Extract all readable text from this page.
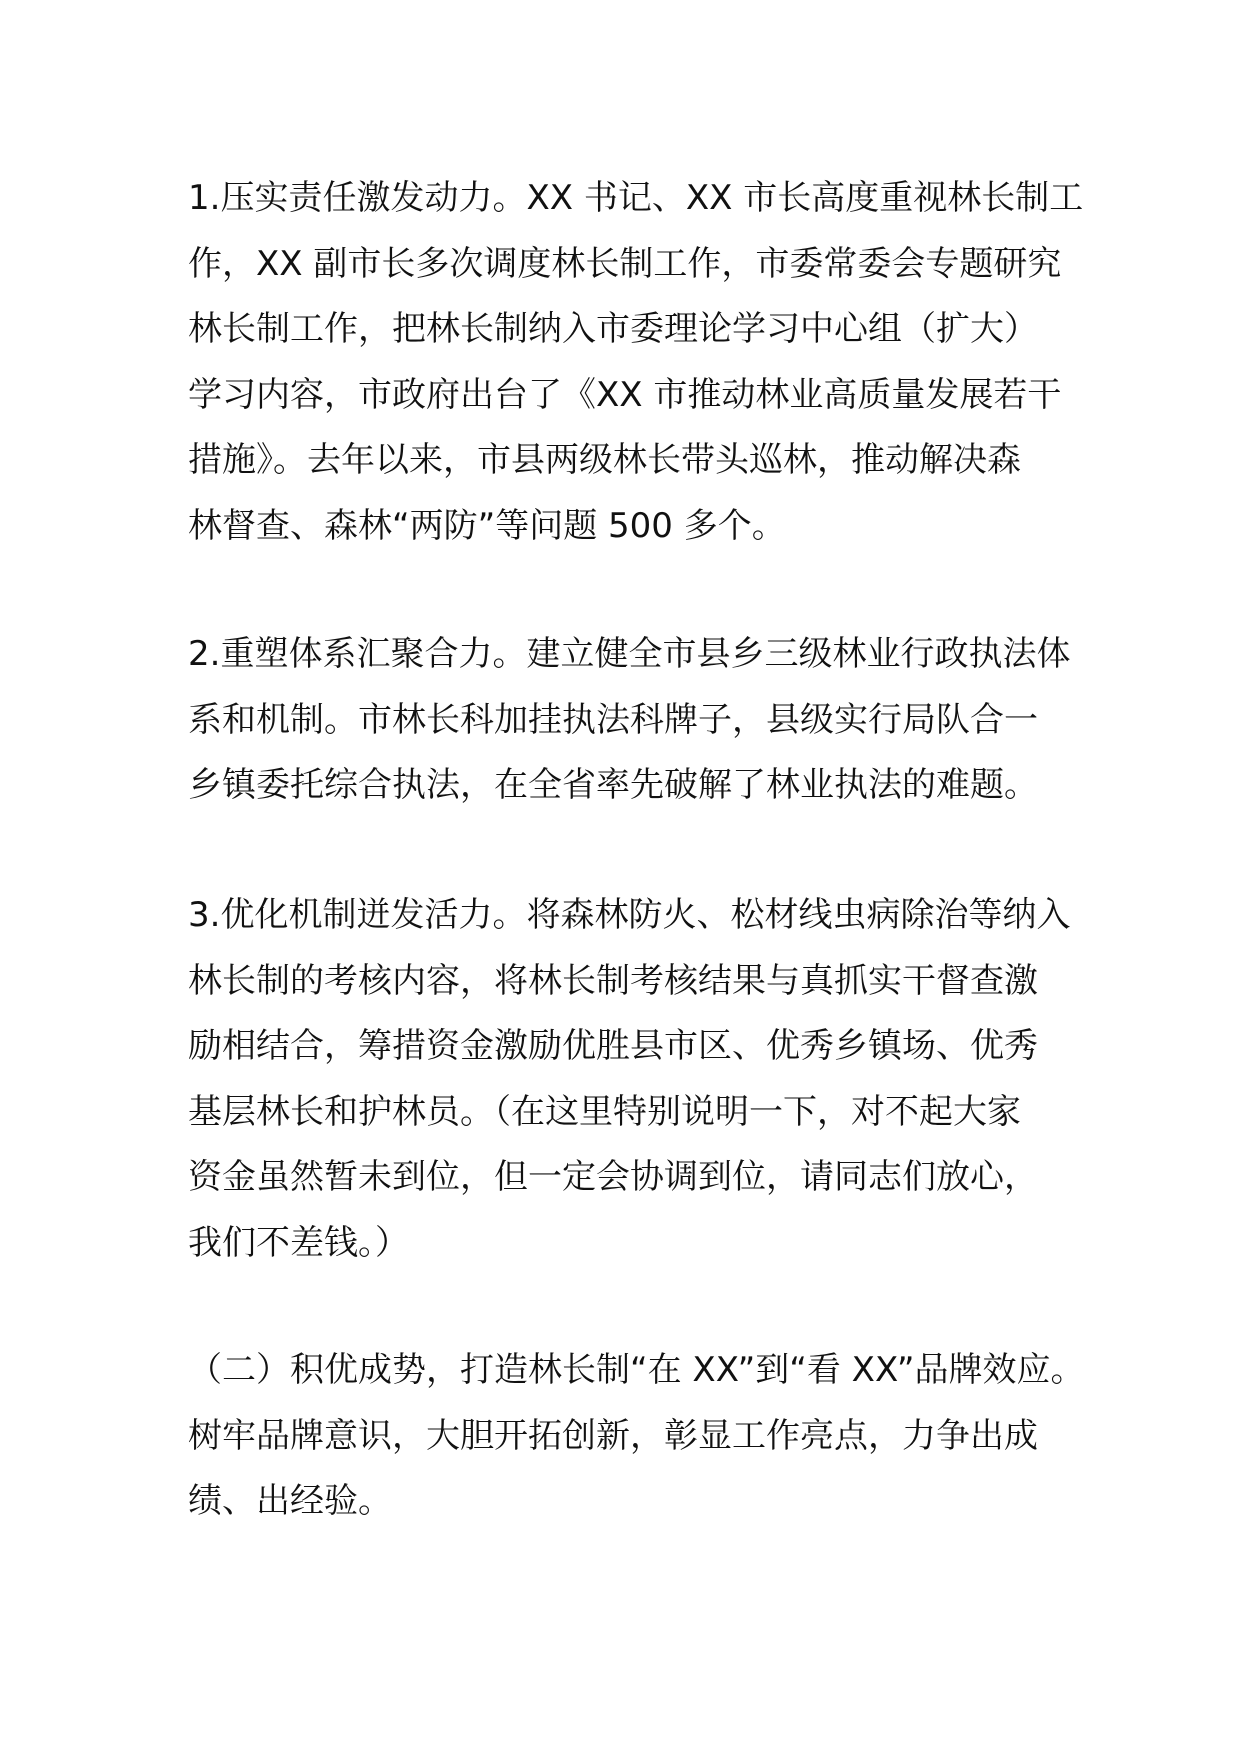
1.压实责任激发动力。XX 书记、XX 市长高度重视林长制工
作，XX 副市长多次调度林长制工作，市委常委会专题研究
林长制工作，把林长制纳入市委理论学习中心组（扩大）
学习内容，市政府出台了《XX 市推动林业高质量发展若干
措施》。去年以来，市县两级林长带头巡林，推动解决森
林督查、森林“两防”等问题 500 多个。
2.重塑体系汇聚合力。建立健全市县乡三级林业行政执法体
系和机制。市林长科加挂执法科牌子，县级实行局队合一
乡镇委托综合执法，在全省率先破解了林业执法的难题。
3.优化机制迸发活力。将森林防火、松材线虫病除治等纳入
林长制的考核内容，将林长制考核结果与真抓实干督查激
励相结合，筹措资金激励优胜县市区、优秀乡镇场、优秀
基层林长和护林员。（在这里特别说明一下，对不起大家
资金虽然暂未到位，但一定会协调到位，请同志们放心，
我们不差钱。）
（二）积优成势，打造林长制“在 XX”到“看 XX”品牌效应。
树牢品牌意识，大胆开拓创新，彰显工作亮点，力争出成
绩、出经验。
